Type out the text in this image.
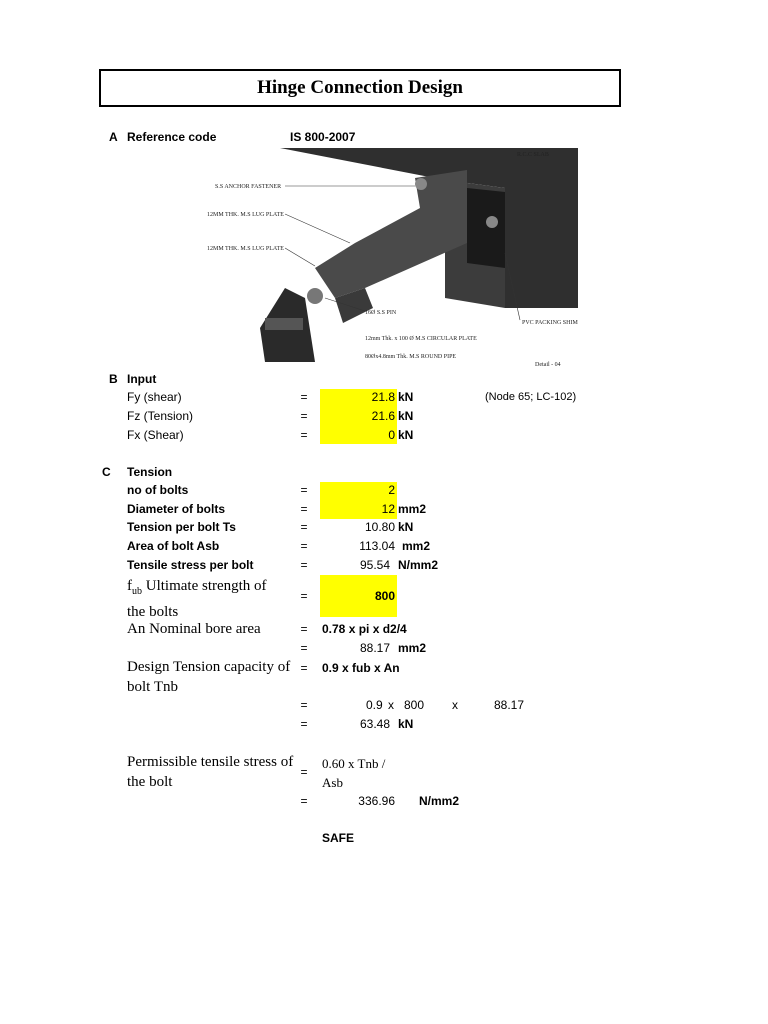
Hinge Connection Design
A Reference code	IS 800-2007
R.C.C SLAB
S.S ANCHOR FASTENER
12MM THK. M.S LUG PLATE
12MM THK. M.S LUG PLATE
16Ø S.S PIN
12mm Thk. x 100 Ø M.S CIRCULAR PLATE
80Øx4.8mm Thk. M.S ROUND PIPE
PVC PACKING SHIM
Detail - 04
B Input
Fy (shear)	=	21.8 kN	(Node 65; LC-102)
Fz (Tension)	=	21.6 kN
Fx (Shear)	=	0 kN
C Tension
no of bolts	=	2
Diameter of bolts	=	12 mm2
Tension per bolt Ts	=	10.80 kN
Area of bolt Asb	=	113.04 mm2
Tensile stress per bolt	=	95.54 N/mm2
$f_{ub}$ Ultimate strength of the bolts
=	800
An Nominal bore area	= 0.78 x pi x d2/4
=	88.17 mm2
Design Tension capacity of bolt Tnb
= 0.9 x fub x An
=	0.9 x 800 x	88.17
=	63.48 kN
Permissible tensile stress of the bolt
=
0.60 x Tnb /
Asb
=	336.96 N/mm2
SAFE
